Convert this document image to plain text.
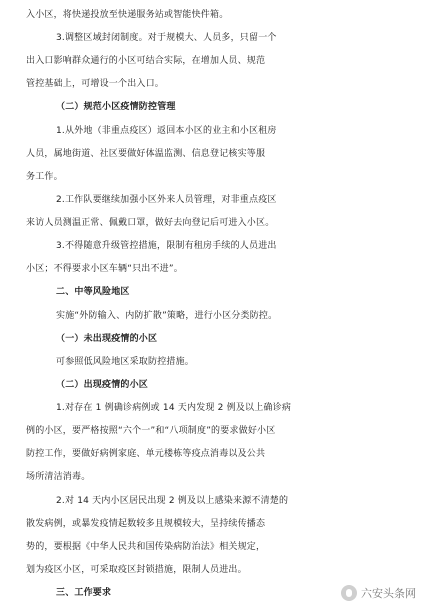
入小区，将快递投放至快递服务站或智能快件箱。
3.调整区域封闭制度。对于规模大、人员多，只留一个
出入口影响群众通行的小区可结合实际，在增加人员、规范
管控基础上，可增设一个出入口。
（二）规范小区疫情防控管理
1.从外地（非重点疫区）返回本小区的业主和小区租房
人员，属地街道、社区要做好体温监测、信息登记核实等服
务工作。
2.工作队要继续加强小区外来人员管理，对非重点疫区
来访人员测温正常、佩戴口罩，做好去向登记后可进入小区。
3.不得随意升级管控措施，限制有租房手续的人员进出
小区；不得要求小区车辆“只出不进”。
二、中等风险地区
实施“外防输入、内防扩散”策略，进行小区分类防控。
（一）未出现疫情的小区
可参照低风险地区采取防控措施。
（二）出现疫情的小区
1.对存在 1 例确诊病例或 14 天内发现 2 例及以上确诊病
例的小区，要严格按照“六个一”和“八项制度”的要求做好小区
防控工作，要做好病例家庭、单元楼栋等疫点消毒以及公共
场所清洁消毒。
2.对 14 天内小区居民出现 2 例及以上感染来源不清楚的
散发病例，或暴发疫情起数较多且规模较大，呈持续传播态
势的，要根据《中华人民共和国传染病防治法》相关规定，
划为疫区小区，可采取疫区封锁措施，限制人员进出。
三、工作要求	六安头条网
